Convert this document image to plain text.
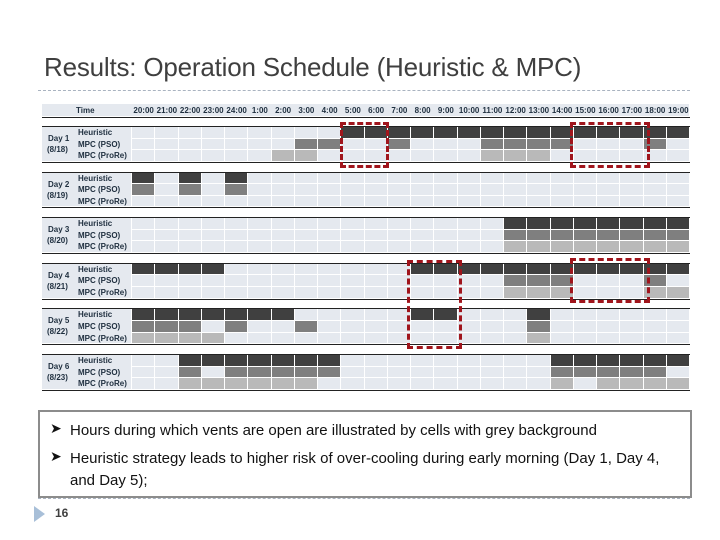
Results: Operation Schedule (Heuristic & MPC)
Time	20:00 21:00 22:00 23:00 24:00 1:00 2:00 3:00 4:00 5:00 6:00 7:00 8:00 9:00 10:00 11:00 12:00 13:00 14:00 15:00 16:00 17:00 18:00 19:00
Day 1
(8/18)
Heuristic
MPC (PSO)
MPC (ProRe)
Day 2
(8/19)
Heuristic
MPC (PSO)
MPC (ProRe)
Day 3
(8/20)
Heuristic
MPC (PSO)
MPC (ProRe)
Day 4
(8/21)
Heuristic
MPC (PSO)
MPC (ProRe)
Day 5
(8/22)
Heuristic
MPC (PSO)
MPC (ProRe)
Day 6
(8/23)
Heuristic
MPC (PSO)
MPC (ProRe)
➤ Hours during which vents are open are illustrated by cells with grey background
➤ Heuristic strategy leads to higher risk of over-cooling during early morning (Day 1, Day 4, and Day 5);
16
